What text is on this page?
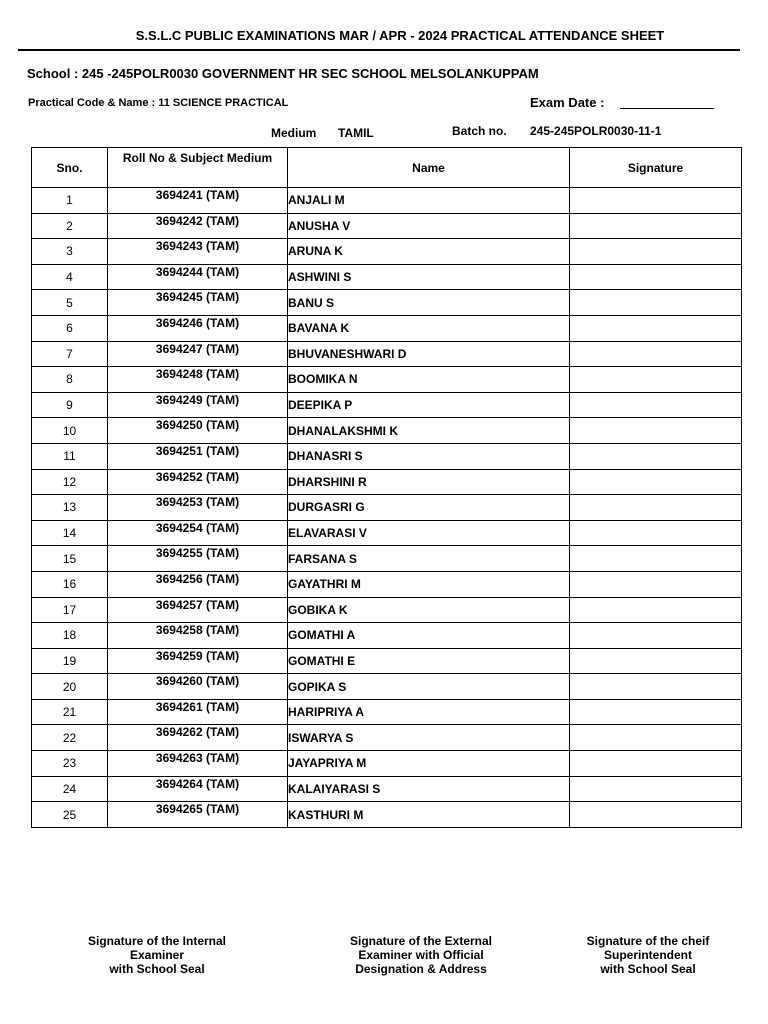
S.S.L.C PUBLIC EXAMINATIONS MAR / APR - 2024 PRACTICAL ATTENDANCE SHEET
School : 245 -245POLR0030 GOVERNMENT HR SEC SCHOOL MELSOLANKUPPAM
Practical Code & Name : 11 SCIENCE PRACTICAL	Exam Date :
Medium TAMIL	Batch no. 245-245POLR0030-11-1
Sno.	Roll No & Subject Medium	Name	Signature
1	3694241 (TAM)	ANJALI M	
2	3694242 (TAM)	ANUSHA V	
3	3694243 (TAM)	ARUNA K	
4	3694244 (TAM)	ASHWINI S	
5	3694245 (TAM)	BANU S	
6	3694246 (TAM)	BAVANA K	
7	3694247 (TAM)	BHUVANESHWARI D	
8	3694248 (TAM)	BOOMIKA N	
9	3694249 (TAM)	DEEPIKA P	
10	3694250 (TAM)	DHANALAKSHMI K	
11	3694251 (TAM)	DHANASRI S	
12	3694252 (TAM)	DHARSHINI R	
13	3694253 (TAM)	DURGASRI G	
14	3694254 (TAM)	ELAVARASI V	
15	3694255 (TAM)	FARSANA S	
16	3694256 (TAM)	GAYATHRI M	
17	3694257 (TAM)	GOBIKA K	
18	3694258 (TAM)	GOMATHI A	
19	3694259 (TAM)	GOMATHI E	
20	3694260 (TAM)	GOPIKA S	
21	3694261 (TAM)	HARIPRIYA A	
22	3694262 (TAM)	ISWARYA S	
23	3694263 (TAM)	JAYAPRIYA M	
24	3694264 (TAM)	KALAIYARASI S	
25	3694265 (TAM)	KASTHURI M	
Signature of the Internal
Examiner
with School Seal
Signature of the External
Examiner with Official
Designation & Address
Signature of the cheif
Superintendent
with School Seal
